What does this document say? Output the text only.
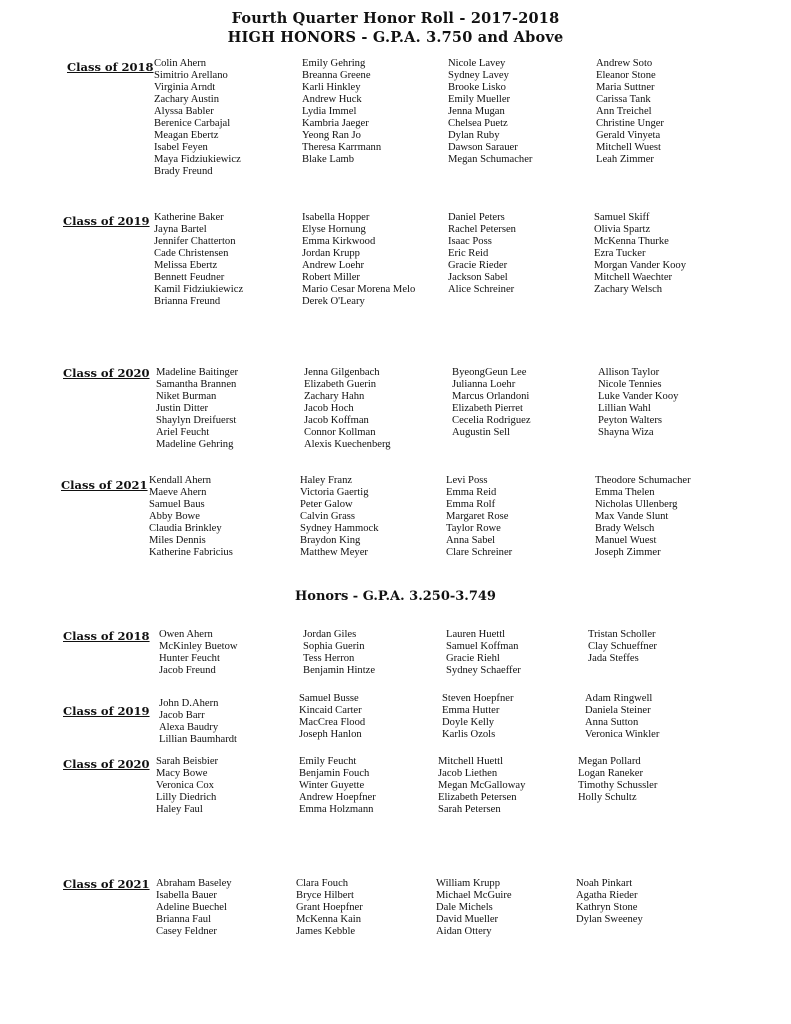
Fourth Quarter Honor Roll - 2017-2018
HIGH HONORS - G.P.A. 3.750 and Above
Class of 2018 Colin Ahern
Simitrio Arellano
Virginia Arndt
Zachary Austin
Alyssa Babler
Berenice Carbajal
Meagan Ebertz
Isabel Feyen
Maya Fidziukiewicz
Brady Freund
Emily Gehring
Breanna Greene
Karli Hinkley
Andrew Huck
Lydia Immel
Kambria Jaeger
Yeong Ran Jo
Theresa Karrmann
Blake Lamb
Nicole Lavey
Sydney Lavey
Brooke Lisko
Emily Mueller
Jenna Mugan
Chelsea Puetz
Dylan Ruby
Dawson Sarauer
Megan Schumacher
Andrew Soto
Eleanor Stone
Maria Suttner
Carissa Tank
Ann Treichel
Christine Unger
Gerald Vinyeta
Mitchell Wuest
Leah Zimmer
Class of 2019 Katherine Baker
Jayna Bartel
Jennifer Chatterton
Cade Christensen
Melissa Ebertz
Bennett Feudner
Kamil Fidziukiewicz
Brianna Freund
Isabella Hopper
Elyse Hornung
Emma Kirkwood
Jordan Krupp
Andrew Loehr
Robert Miller
Mario Cesar Morena Melo
Derek O'Leary
Daniel Peters
Rachel Petersen
Isaac Poss
Eric Reid
Gracie Rieder
Jackson Sabel
Alice Schreiner
Samuel Skiff
Olivia Spartz
McKenna Thurke
Ezra Tucker
Morgan Vander Kooy
Mitchell Waechter
Zachary Welsch
Class of 2020 Madeline Baitinger
Samantha Brannen
Niket Burman
Justin Ditter
Shaylyn Dreifuerst
Ariel Feucht
Madeline Gehring
Jenna Gilgenbach
Elizabeth Guerin
Zachary Hahn
Jacob Hoch
Jacob Koffman
Connor Kollman
Alexis Kuechenberg
ByeongGeun Lee
Julianna Loehr
Marcus Orlandoni
Elizabeth Pierret
Cecelia Rodriguez
Augustin Sell
Allison Taylor
Nicole Tennies
Luke Vander Kooy
Lillian Wahl
Peyton Walters
Shayna Wiza
Class of 2021 Kendall Ahern
Maeve Ahern
Samuel Baus
Abby Bowe
Claudia Brinkley
Miles Dennis
Katherine Fabricius
Haley Franz
Victoria Gaertig
Peter Galow
Calvin Grass
Sydney Hammock
Braydon King
Matthew Meyer
Levi Poss
Emma Reid
Emma Rolf
Margaret Rose
Taylor Rowe
Anna Sabel
Clare Schreiner
Theodore Schumacher
Emma Thelen
Nicholas Ullenberg
Max Vande Slunt
Brady Welsch
Manuel Wuest
Joseph Zimmer
Honors - G.P.A. 3.250-3.749
Class of 2018 Owen Ahern
McKinley Buetow
Hunter Feucht
Jacob Freund
Jordan Giles
Sophia Guerin
Tess Herron
Benjamin Hintze
Lauren Huettl
Samuel Koffman
Gracie Riehl
Sydney Schaeffer
Tristan Scholler
Clay Schueffner
Jada Steffes
Class of 2019
John D.Ahern
Jacob Barr
Alexa Baudry
Lillian Baumhardt
Samuel Busse
Kincaid Carter
MacCrea Flood
Joseph Hanlon
Steven Hoepfner
Emma Hutter
Doyle Kelly
Karlis Ozols
Adam Ringwell
Daniela Steiner
Anna Sutton
Veronica Winkler
Class of 2020 Sarah Beisbier
Macy Bowe
Veronica Cox
Lilly Diedrich
Haley Faul
Emily Feucht
Benjamin Fouch
Winter Guyette
Andrew Hoepfner
Emma Holzmann
Mitchell Huettl
Jacob Liethen
Megan McGalloway
Elizabeth Petersen
Sarah Petersen
Megan Pollard
Logan Raneker
Timothy Schussler
Holly Schultz
Class of 2021 Abraham Baseley
Isabella Bauer
Adeline Buechel
Brianna Faul
Casey Feldner
Clara Fouch
Bryce Hilbert
Grant Hoepfner
McKenna Kain
James Kebble
William Krupp
Michael McGuire
Dale Michels
David Mueller
Aidan Ottery
Noah Pinkart
Agatha Rieder
Kathryn Stone
Dylan Sweeney
